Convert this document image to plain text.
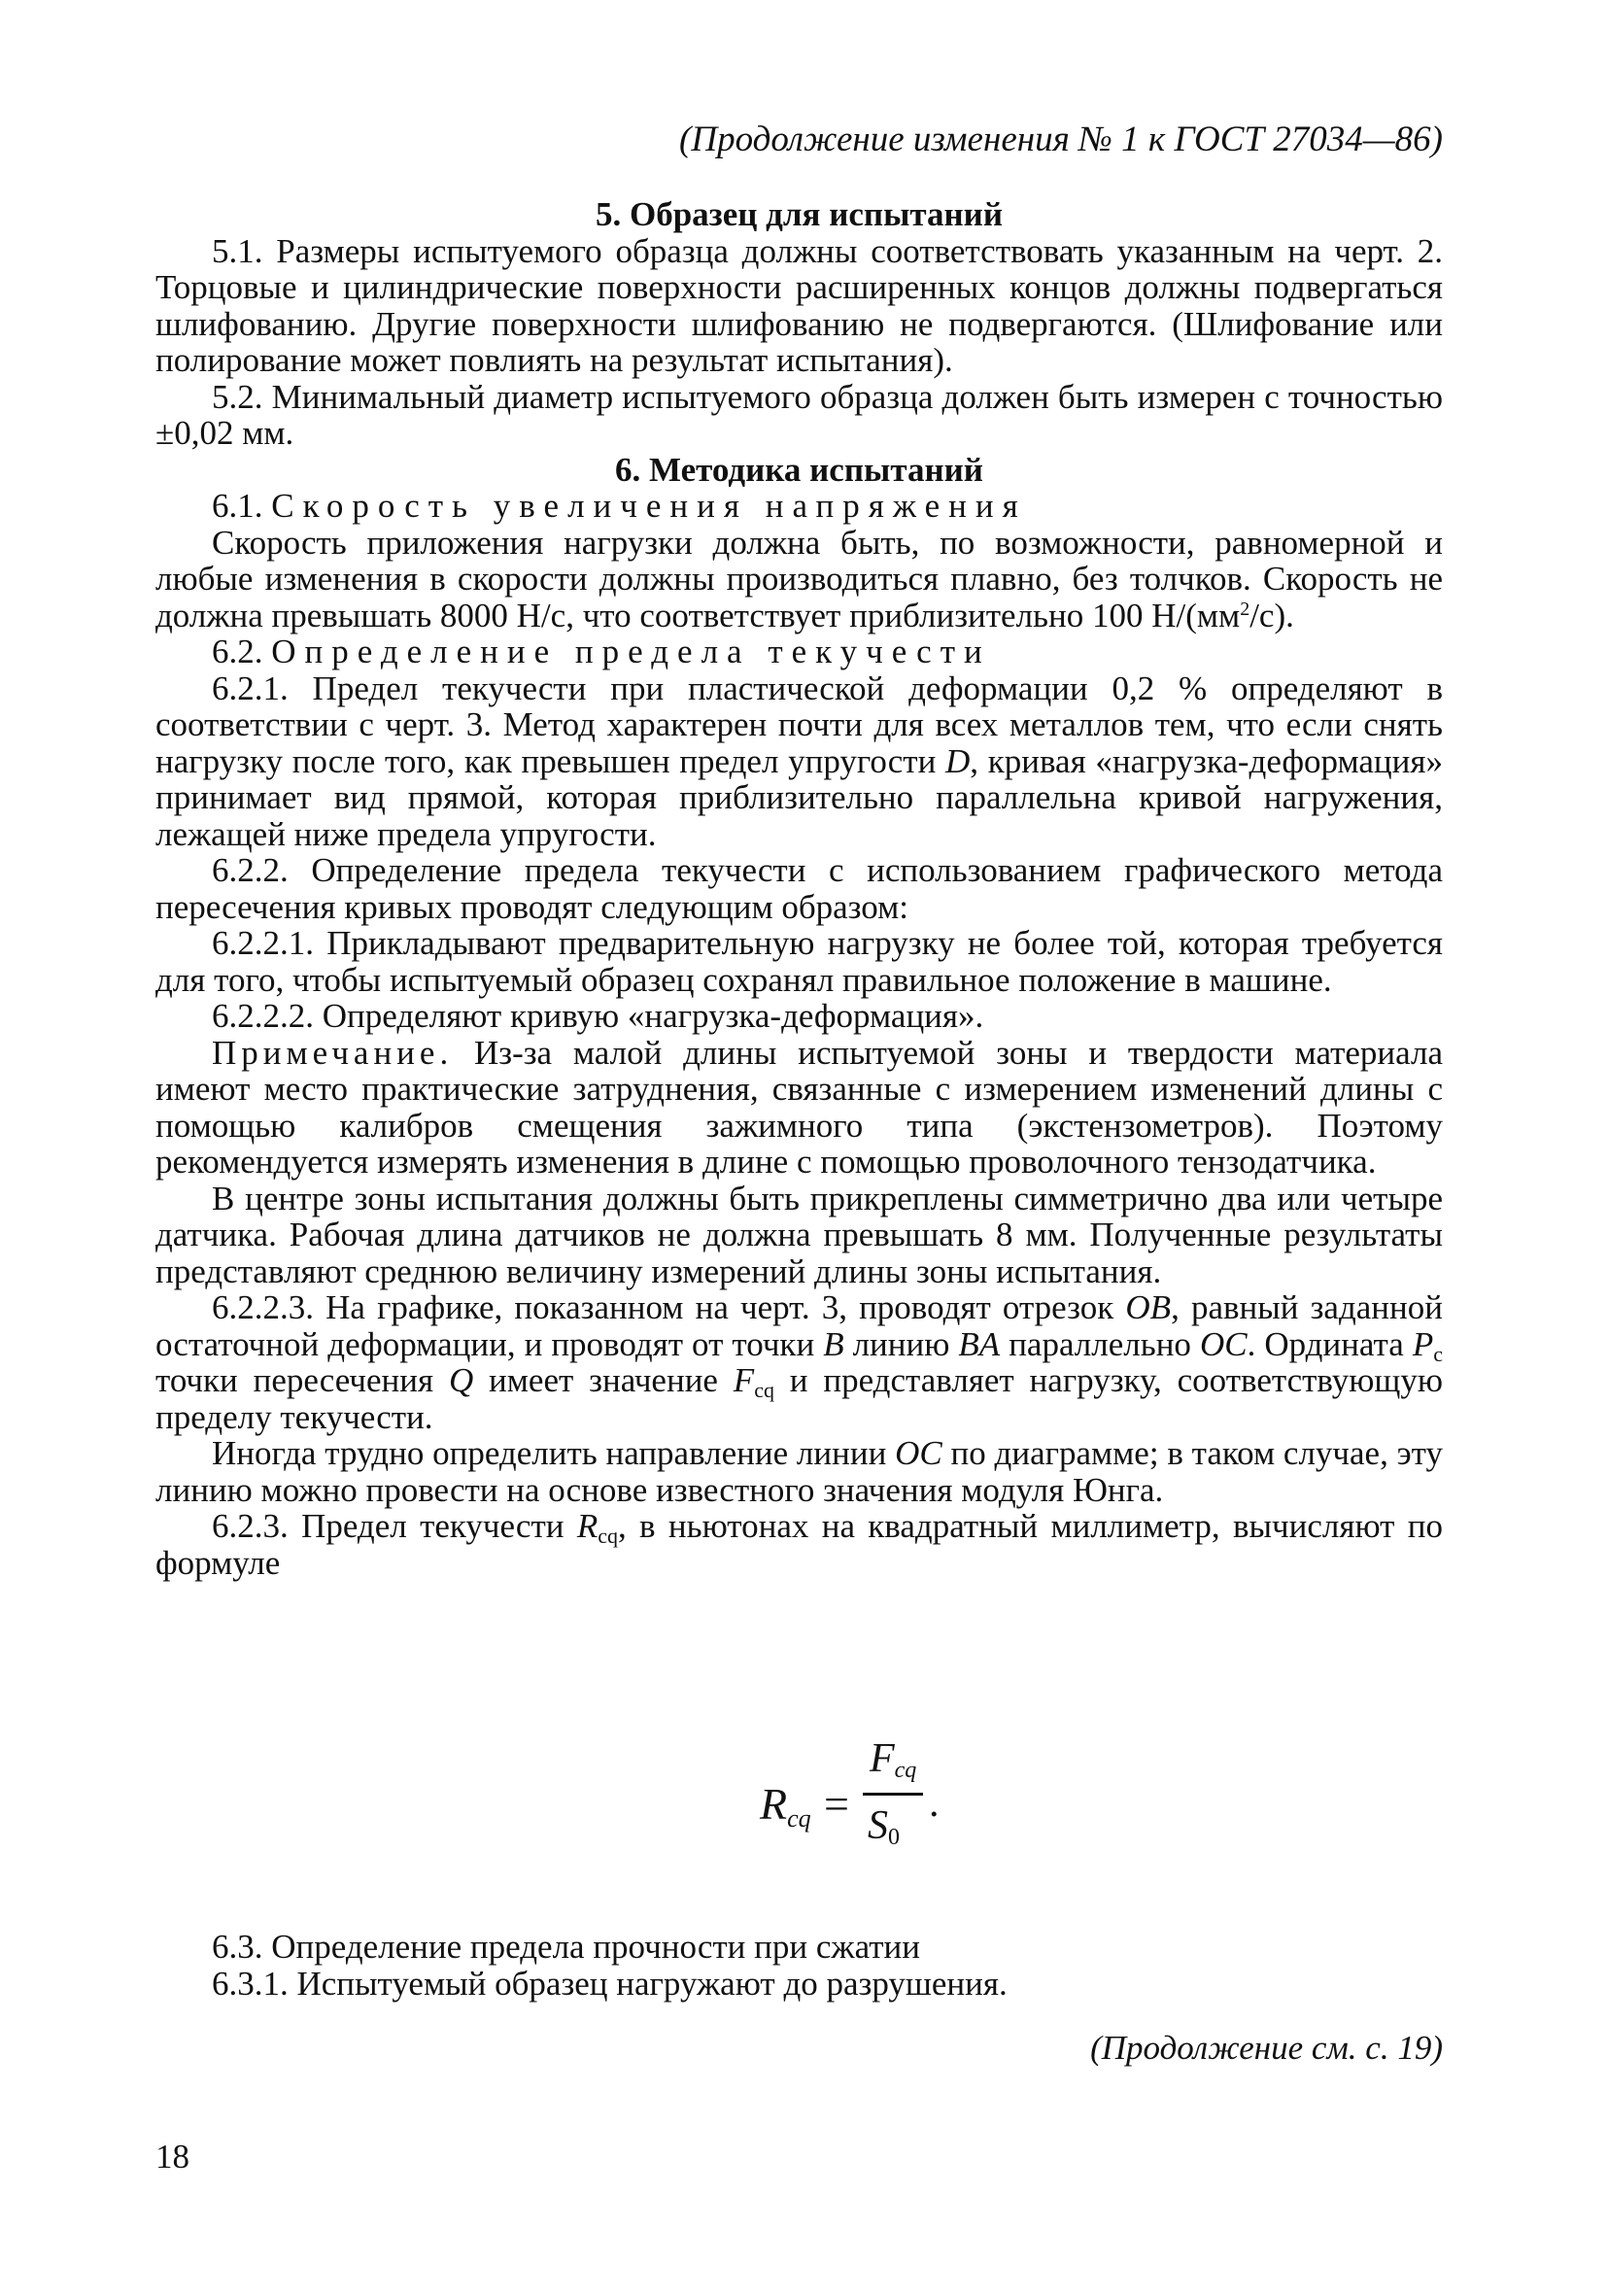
(Продолжение изменения № 1 к ГОСТ 27034—86)
5. Образец для испытаний

5.1. Размеры испытуемого образца должны соответствовать указанным на черт. 2. Торцовые и цилиндрические поверхности расширенных концов должны подвергаться шлифованию. Другие поверхности шлифованию не подвергаются. (Шлифование или полирование может повлиять на результат испытания).

5.2. Минимальный диаметр испытуемого образца должен быть измерен с точностью ±0,02 мм.

6. Методика испытаний

6.1. Скорость увеличения напряжения

Скорость приложения нагрузки должна быть, по возможности, равномерной и любые изменения в скорости должны производиться плавно, без толчков. Скорость не должна превышать 8000 Н/с, что соответствует приблизительно 100 $Н/(мм^2/с)$.

6.2. Определение предела текучести

6.2.1. Предел текучести при пластической деформации 0,2 % определяют в соответствии с черт. 3. Метод характерен почти для всех металлов тем, что если снять нагрузку после того, как превышен предел упругости D, кривая «нагрузка-деформация» принимает вид прямой, которая приблизительно параллельна кривой нагружения, лежащей ниже предела упругости.

6.2.2. Определение предела текучести с использованием графического метода пересечения кривых проводят следующим образом:

6.2.2.1. Прикладывают предварительную нагрузку не более той, которая требуется для того, чтобы испытуемый образец сохранял правильное положение в машине.

6.2.2.2. Определяют кривую «нагрузка-деформация».

Примечание. Из-за малой длины испытуемой зоны и твердости материала имеют место практические затруднения, связанные с измерением изменений длины с помощью калибров смещения зажимного типа (экстензометров). Поэтому рекомендуется измерять изменения в длине с помощью проволочного тензодатчика.

В центре зоны испытания должны быть прикреплены симметрично два или четыре датчика. Рабочая длина датчиков не должна превышать 8 мм. Полученные результаты представляют среднюю величину измерений длины зоны испытания.

6.2.2.3. На графике, показанном на черт. 3, проводят отрезок OB, равный заданной остаточной деформации, и проводят от точки B линию BA параллельно OC. Ордината $P_c$ точки пересечения Q имеет значение $F_{cq}$ и представляет нагрузку, соответствующую пределу текучести.

Иногда трудно определить направление линии OC по диаграмме; в таком случае, эту линию можно провести на основе известного значения модуля Юнга.

6.2.3. Предел текучести $R_{cq}$, в ньютонах на квадратный миллиметр, вычисляют по формуле

$R_{cq}$ =
$F_{cq}$
$S_0$
.

6.3. Определение предела прочности при сжатии

6.3.1. Испытуемый образец нагружают до разрушения.

(Продолжение см. с. 19)
18
